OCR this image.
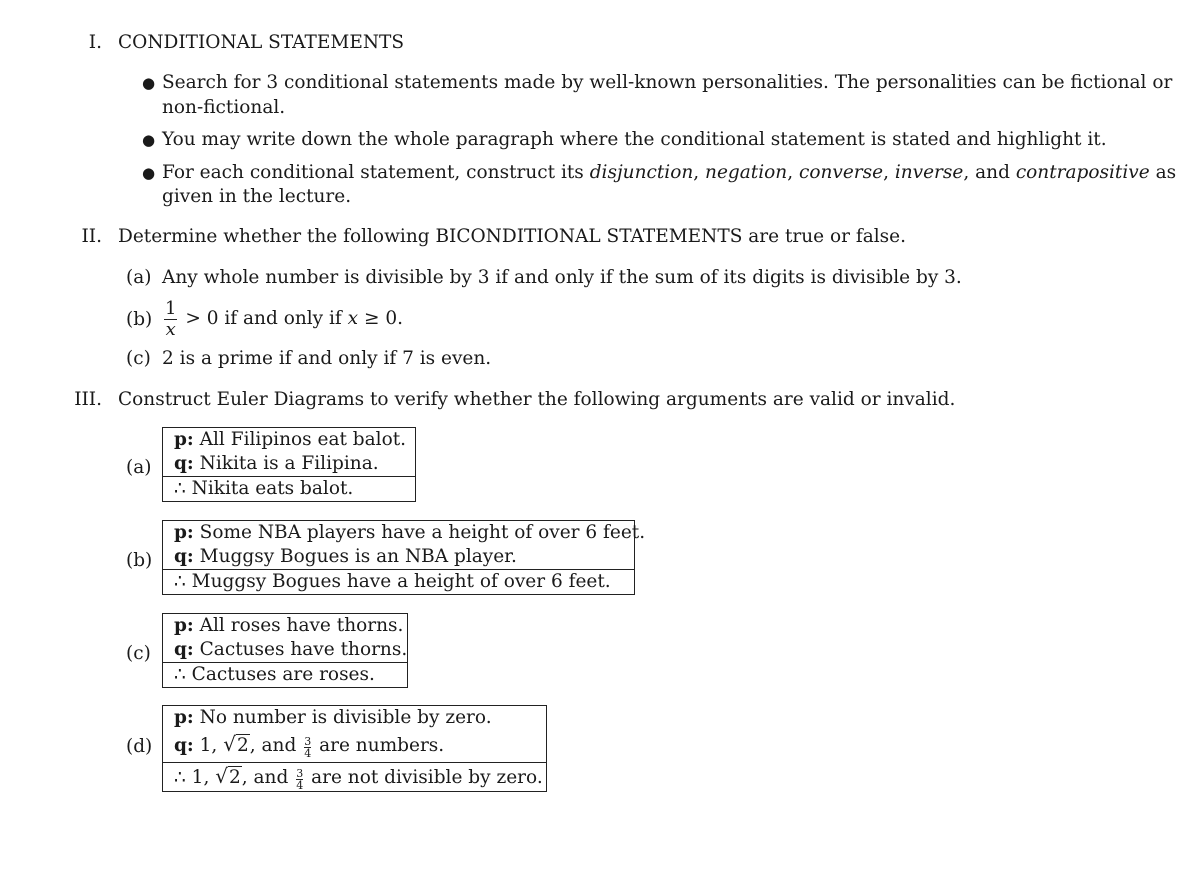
I. CONDITIONAL STATEMENTS
● Search for 3 conditional statements made by well-known personalities. The personalities can be fictional or
non-fictional.
● You may write down the whole paragraph where the conditional statement is stated and highlight it.
● For each conditional statement, construct its disjunction, negation, converse, inverse, and contrapositive as
given in the lecture.
II. Determine whether the following BICONDITIONAL STATEMENTS are true or false.
(a) Any whole number is divisible by 3 if and only if the sum of its digits is divisible by 3.
$(b) \frac{1}{x} > 0$ if and only if x ≥ 0.
(c) 2 is a prime if and only if 7 is even.
III. Construct Euler Diagrams to verify whether the following arguments are valid or invalid.
(a)
p: All Filipinos eat balot.
q: Nikita is a Filipina.
∴ Nikita eats balot.
(b)
p: Some NBA players have a height of over 6 feet.
q: Muggsy Bogues is an NBA player.
∴ Muggsy Bogues have a height of over 6 feet.
(c)
p: All roses have thorns.
q: Cactuses have thorns.
∴ Cactuses are roses.
(d)
p: No number is divisible by zero.
q: 1, √2, and $\frac{3}{4}$ are numbers.
∴ 1, √2, and $\frac{3}{4}$ are not divisible by zero.
